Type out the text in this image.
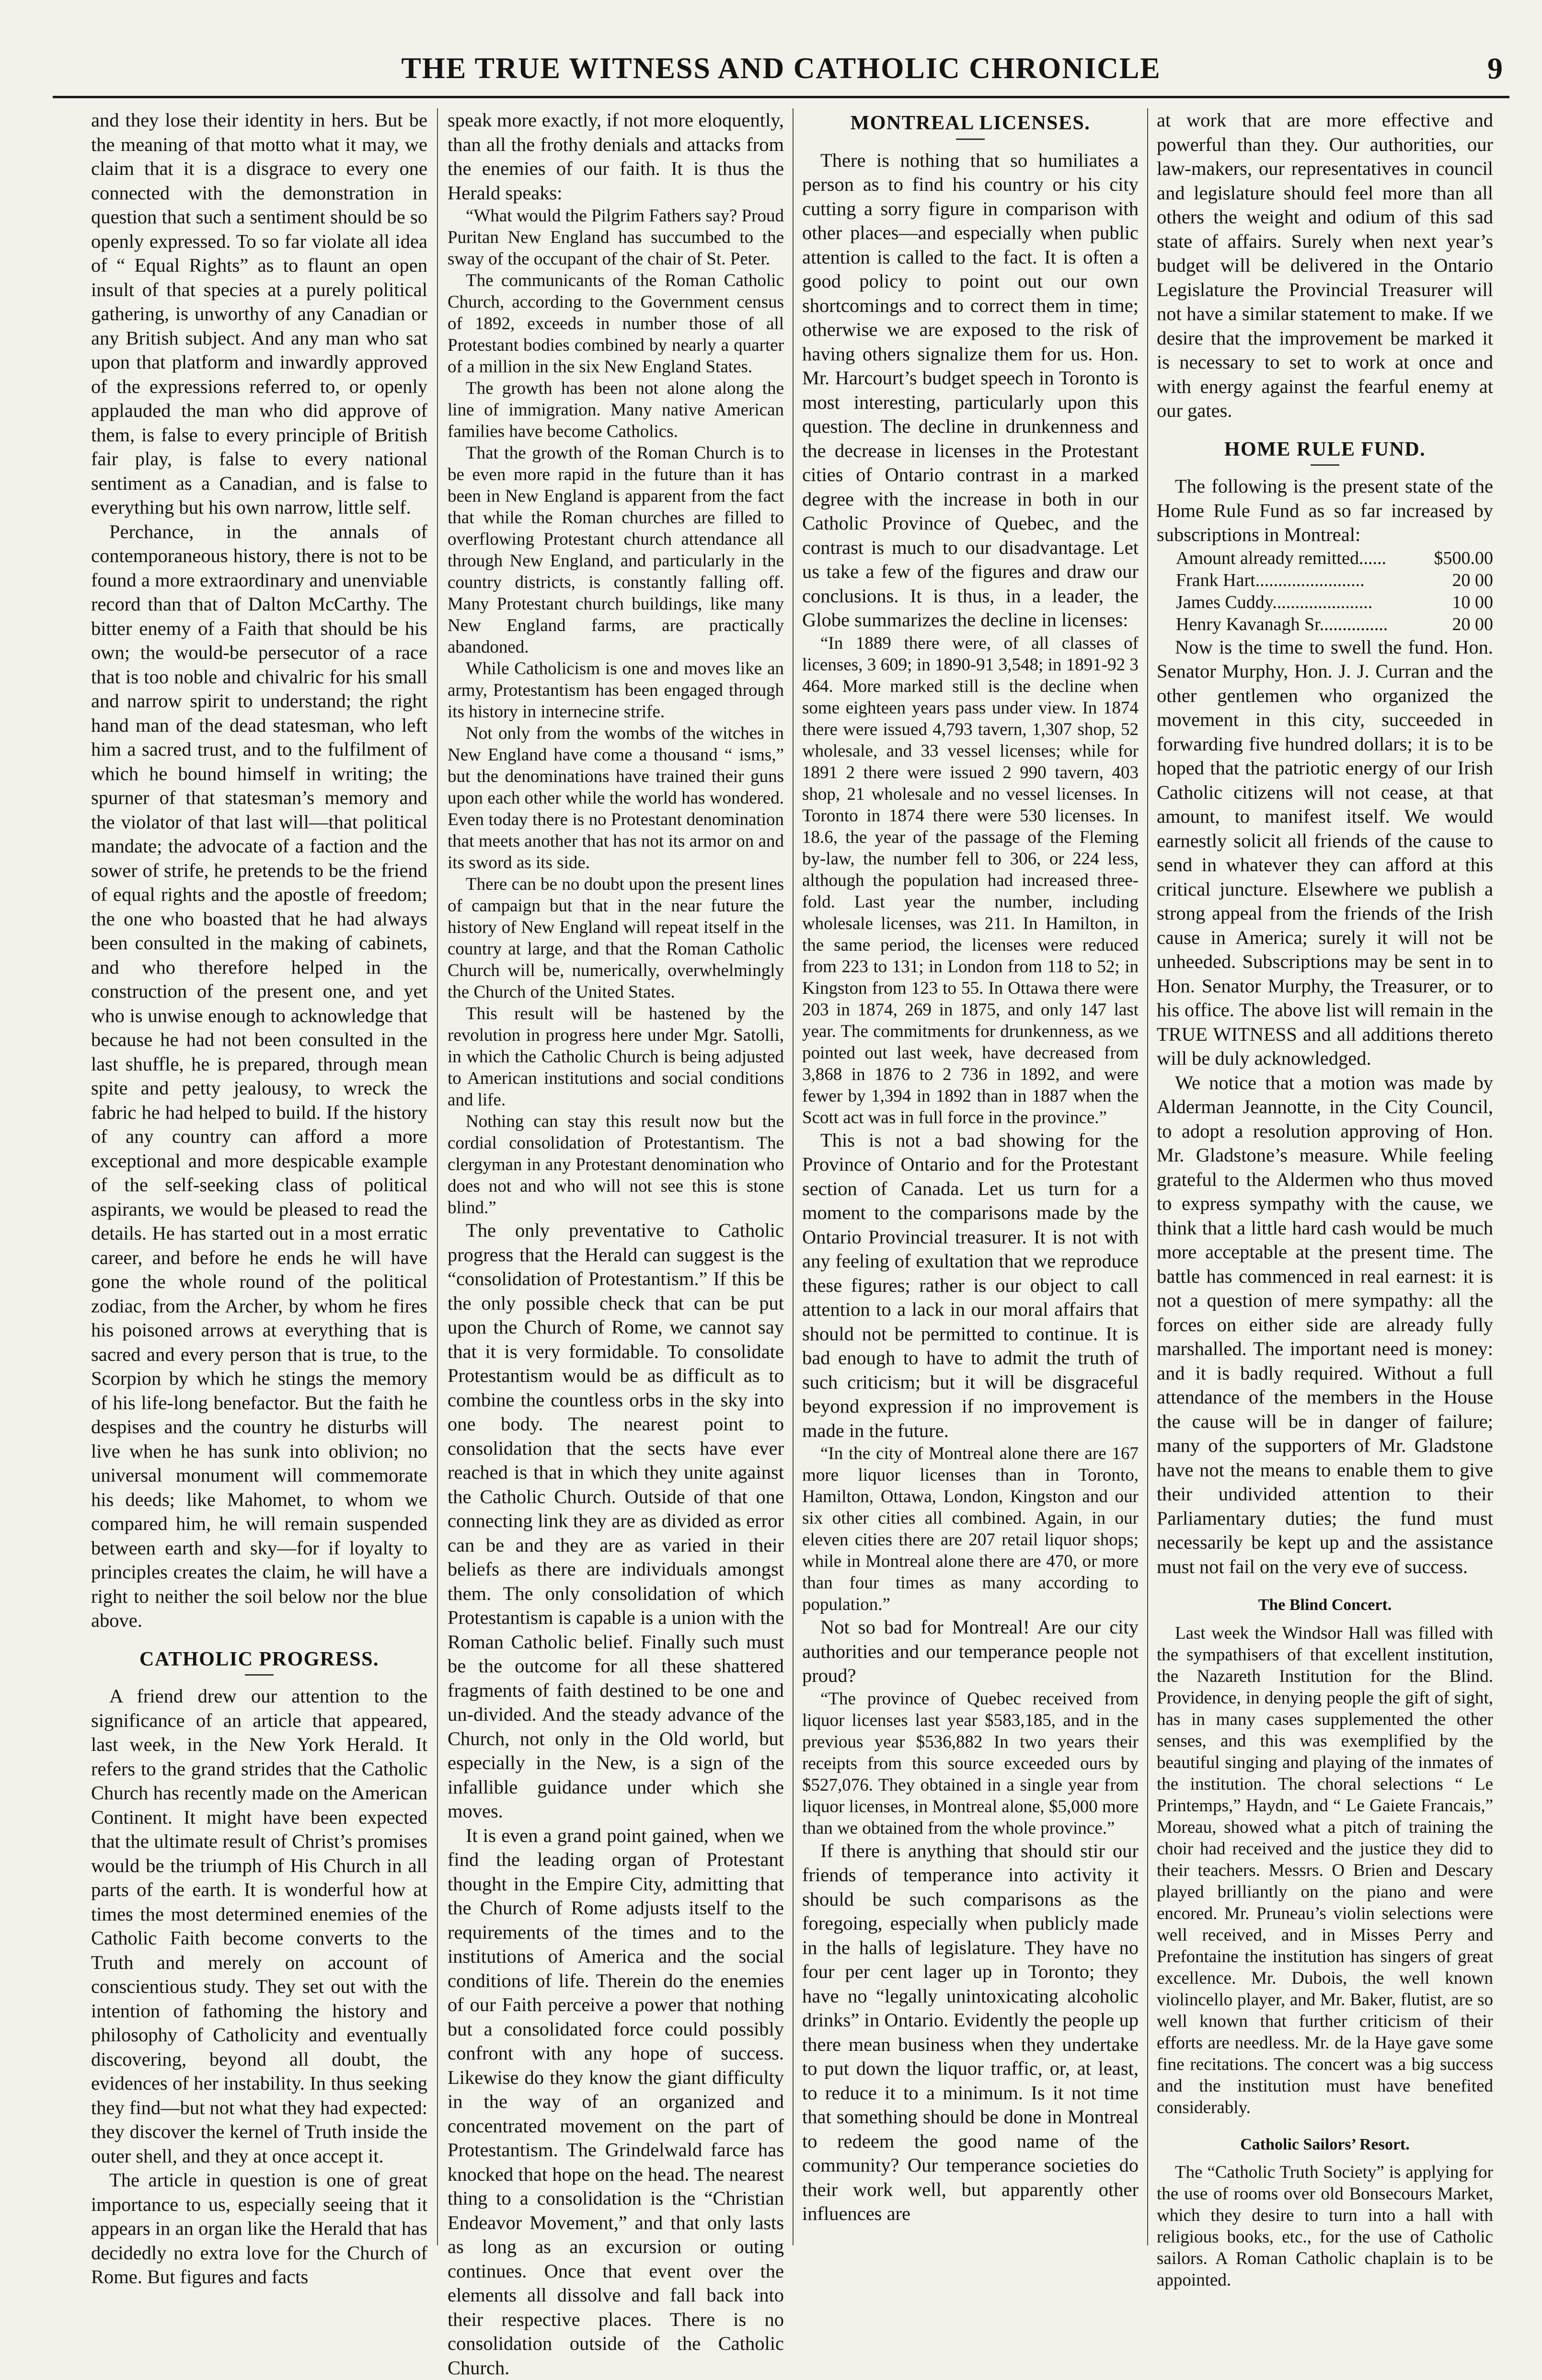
THE TRUE WITNESS AND CATHOLIC CHRONICLE	9

and they lose their identity in hers. But be the meaning of that motto what it may, we claim that it is a disgrace to every one connected with the demonstration in question that such a sentiment should be so openly expressed. To so far violate all idea of “ Equal Rights” as to flaunt an open insult of that species at a purely political gathering, is unworthy of any Canadian or any British subject. And any man who sat upon that platform and inwardly approved of the expressions referred to, or openly applauded the man who did approve of them, is false to every principle of British fair play, is false to every national sentiment as a Canadian, and is false to everything but his own narrow, little self.

Perchance, in the annals of contemporaneous history, there is not to be found a more extraordinary and unenviable record than that of Dalton McCarthy. The bitter enemy of a Faith that should be his own; the would-be persecutor of a race that is too noble and chivalric for his small and narrow spirit to understand; the right hand man of the dead statesman, who left him a sacred trust, and to the fulfilment of which he bound himself in writing; the spurner of that statesman’s memory and the violator of that last will—that political mandate; the advocate of a faction and the sower of strife, he pretends to be the friend of equal rights and the apostle of freedom; the one who boasted that he had always been consulted in the making of cabinets, and who therefore helped in the construction of the present one, and yet who is unwise enough to acknowledge that because he had not been consulted in the last shuffle, he is prepared, through mean spite and petty jealousy, to wreck the fabric he had helped to build. If the history of any country can afford a more exceptional and more despicable example of the self-seeking class of political aspirants, we would be pleased to read the details. He has started out in a most erratic career, and before he ends he will have gone the whole round of the political zodiac, from the Archer, by whom he fires his poisoned arrows at everything that is sacred and every person that is true, to the Scorpion by which he stings the memory of his life-long benefactor. But the faith he despises and the country he disturbs will live when he has sunk into oblivion; no universal monument will commemorate his deeds; like Mahomet, to whom we compared him, he will remain suspended between earth and sky—for if loyalty to principles creates the claim, he will have a right to neither the soil below nor the blue above.

CATHOLIC PROGRESS.

A friend drew our attention to the significance of an article that appeared, last week, in the New York Herald. It refers to the grand strides that the Catholic Church has recently made on the American Continent. It might have been expected that the ultimate result of Christ’s promises would be the triumph of His Church in all parts of the earth. It is wonderful how at times the most determined enemies of the Catholic Faith become converts to the Truth and merely on account of conscientious study. They set out with the intention of fathoming the history and philosophy of Catholicity and eventually discovering, beyond all doubt, the evidences of her instability. In thus seeking they find—but not what they had expected: they discover the kernel of Truth inside the outer shell, and they at once accept it.

The article in question is one of great importance to us, especially seeing that it appears in an organ like the Herald that has decidedly no extra love for the Church of Rome. But figures and facts

speak more exactly, if not more eloquently, than all the frothy denials and attacks from the enemies of our faith. It is thus the Herald speaks:

“What would the Pilgrim Fathers say? Proud Puritan New England has succumbed to the sway of the occupant of the chair of St. Peter.

The communicants of the Roman Catholic Church, according to the Government census of 1892, exceeds in number those of all Protestant bodies combined by nearly a quarter of a million in the six New England States.

The growth has been not alone along the line of immigration. Many native American families have become Catholics.

That the growth of the Roman Church is to be even more rapid in the future than it has been in New England is apparent from the fact that while the Roman churches are filled to overflowing Protestant church attendance all through New England, and particularly in the country districts, is constantly falling off. Many Protestant church buildings, like many New England farms, are practically abandoned.

While Catholicism is one and moves like an army, Protestantism has been engaged through its history in internecine strife.

Not only from the wombs of the witches in New England have come a thousand “ isms,” but the denominations have trained their guns upon each other while the world has wondered. Even today there is no Protestant denomination that meets another that has not its armor on and its sword as its side.

There can be no doubt upon the present lines of campaign but that in the near future the history of New England will repeat itself in the country at large, and that the Roman Catholic Church will be, numerically, overwhelmingly the Church of the United States.

This result will be hastened by the revolution in progress here under Mgr. Satolli, in which the Catholic Church is being adjusted to American institutions and social conditions and life.

Nothing can stay this result now but the cordial consolidation of Protestantism. The clergyman in any Protestant denomination who does not and who will not see this is stone blind.”

The only preventative to Catholic progress that the Herald can suggest is the “consolidation of Protestantism.” If this be the only possible check that can be put upon the Church of Rome, we cannot say that it is very formidable. To consolidate Protestantism would be as difficult as to combine the countless orbs in the sky into one body. The nearest point to consolidation that the sects have ever reached is that in which they unite against the Catholic Church. Outside of that one connecting link they are as divided as error can be and they are as varied in their beliefs as there are individuals amongst them. The only consolidation of which Protestantism is capable is a union with the Roman Catholic belief. Finally such must be the outcome for all these shattered fragments of faith destined to be one and un-divided. And the steady advance of the Church, not only in the Old world, but especially in the New, is a sign of the infallible guidance under which she moves.

It is even a grand point gained, when we find the leading organ of Protestant thought in the Empire City, admitting that the Church of Rome adjusts itself to the requirements of the times and to the institutions of America and the social conditions of life. Therein do the enemies of our Faith perceive a power that nothing but a consolidated force could possibly confront with any hope of success. Likewise do they know the giant difficulty in the way of an organized and concentrated movement on the part of Protestantism. The Grindelwald farce has knocked that hope on the head. The nearest thing to a consolidation is the “Christian Endeavor Movement,” and that only lasts as long as an excursion or outing continues. Once that event over the elements all dissolve and fall back into their respective places. There is no consolidation outside of the Catholic Church.

MONTREAL LICENSES.

There is nothing that so humiliates a person as to find his country or his city cutting a sorry figure in comparison with other places—and especially when public attention is called to the fact. It is often a good policy to point out our own shortcomings and to correct them in time; otherwise we are exposed to the risk of having others signalize them for us. Hon. Mr. Harcourt’s budget speech in Toronto is most interesting, particularly upon this question. The decline in drunkenness and the decrease in licenses in the Protestant cities of Ontario contrast in a marked degree with the increase in both in our Catholic Province of Quebec, and the contrast is much to our disadvantage. Let us take a few of the figures and draw our conclusions. It is thus, in a leader, the Globe summarizes the decline in licenses:

“In 1889 there were, of all classes of licenses, 3 609; in 1890-91 3,548; in 1891-92 3 464. More marked still is the decline when some eighteen years pass under view. In 1874 there were issued 4,793 tavern, 1,307 shop, 52 wholesale, and 33 vessel licenses; while for 1891 2 there were issued 2 990 tavern, 403 shop, 21 wholesale and no vessel licenses. In Toronto in 1874 there were 530 licenses. In 18.6, the year of the passage of the Fleming by-law, the number fell to 306, or 224 less, although the population had increased three-fold. Last year the number, including wholesale licenses, was 211. In Hamilton, in the same period, the licenses were reduced from 223 to 131; in London from 118 to 52; in Kingston from 123 to 55. In Ottawa there were 203 in 1874, 269 in 1875, and only 147 last year. The commitments for drunkenness, as we pointed out last week, have decreased from 3,868 in 1876 to 2 736 in 1892, and were fewer by 1,394 in 1892 than in 1887 when the Scott act was in full force in the province.”

This is not a bad showing for the Province of Ontario and for the Protestant section of Canada. Let us turn for a moment to the comparisons made by the Ontario Provincial treasurer. It is not with any feeling of exultation that we reproduce these figures; rather is our object to call attention to a lack in our moral affairs that should not be permitted to continue. It is bad enough to have to admit the truth of such criticism; but it will be disgraceful beyond expression if no improvement is made in the future.

“In the city of Montreal alone there are 167 more liquor licenses than in Toronto, Hamilton, Ottawa, London, Kingston and our six other cities all combined. Again, in our eleven cities there are 207 retail liquor shops; while in Montreal alone there are 470, or more than four times as many according to population.”

Not so bad for Montreal! Are our city authorities and our temperance people not proud?

“The province of Quebec received from liquor licenses last year $583,185, and in the previous year $536,882 In two years their receipts from this source exceeded ours by $527,076. They obtained in a single year from liquor licenses, in Montreal alone, $5,000 more than we obtained from the whole province.”

If there is anything that should stir our friends of temperance into activity it should be such comparisons as the foregoing, especially when publicly made in the halls of legislature. They have no four per cent lager up in Toronto; they have no “legally unintoxicating alcoholic drinks” in Ontario. Evidently the people up there mean business when they undertake to put down the liquor traffic, or, at least, to reduce it to a minimum. Is it not time that something should be done in Montreal to redeem the good name of the community? Our temperance societies do their work well, but apparently other influences are

at work that are more effective and powerful than they. Our authorities, our law-makers, our representatives in council and legislature should feel more than all others the weight and odium of this sad state of affairs. Surely when next year’s budget will be delivered in the Ontario Legislature the Provincial Treasurer will not have a similar statement to make. If we desire that the improvement be marked it is necessary to set to work at once and with energy against the fearful enemy at our gates.

HOME RULE FUND.

The following is the present state of the Home Rule Fund as so far increased by subscriptions in Montreal:

Amount already remitted......	$500.00
Frank Hart........................	20 00
James Cuddy......................	10 00
Henry Kavanagh Sr...............	20 00

Now is the time to swell the fund. Hon. Senator Murphy, Hon. J. J. Curran and the other gentlemen who organized the movement in this city, succeeded in forwarding five hundred dollars; it is to be hoped that the patriotic energy of our Irish Catholic citizens will not cease, at that amount, to manifest itself. We would earnestly solicit all friends of the cause to send in whatever they can afford at this critical juncture. Elsewhere we publish a strong appeal from the friends of the Irish cause in America; surely it will not be unheeded. Subscriptions may be sent in to Hon. Senator Murphy, the Treasurer, or to his office. The above list will remain in the TRUE WITNESS and all additions thereto will be duly acknowledged.

We notice that a motion was made by Alderman Jeannotte, in the City Council, to adopt a resolution approving of Hon. Mr. Gladstone’s measure. While feeling grateful to the Aldermen who thus moved to express sympathy with the cause, we think that a little hard cash would be much more acceptable at the present time. The battle has commenced in real earnest: it is not a question of mere sympathy: all the forces on either side are already fully marshalled. The important need is money: and it is badly required. Without a full attendance of the members in the House the cause will be in danger of failure; many of the supporters of Mr. Gladstone have not the means to enable them to give their undivided attention to their Parliamentary duties; the fund must necessarily be kept up and the assistance must not fail on the very eve of success.

The Blind Concert.

Last week the Windsor Hall was filled with the sympathisers of that excellent institution, the Nazareth Institution for the Blind. Providence, in denying people the gift of sight, has in many cases supplemented the other senses, and this was exemplified by the beautiful singing and playing of the inmates of the institution. The choral selections “ Le Printemps,” Haydn, and “ Le Gaiete Francais,” Moreau, showed what a pitch of training the choir had received and the justice they did to their teachers. Messrs. O Brien and Descary played brilliantly on the piano and were encored. Mr. Pruneau’s violin selections were well received, and in Misses Perry and Prefontaine the institution has singers of great excellence. Mr. Dubois, the well known violincello player, and Mr. Baker, flutist, are so well known that further criticism of their efforts are needless. Mr. de la Haye gave some fine recitations. The concert was a big success and the institution must have benefited considerably.

Catholic Sailors’ Resort.

The “Catholic Truth Society” is applying for the use of rooms over old Bonsecours Market, which they desire to turn into a hall with religious books, etc., for the use of Catholic sailors. A Roman Catholic chaplain is to be appointed.
